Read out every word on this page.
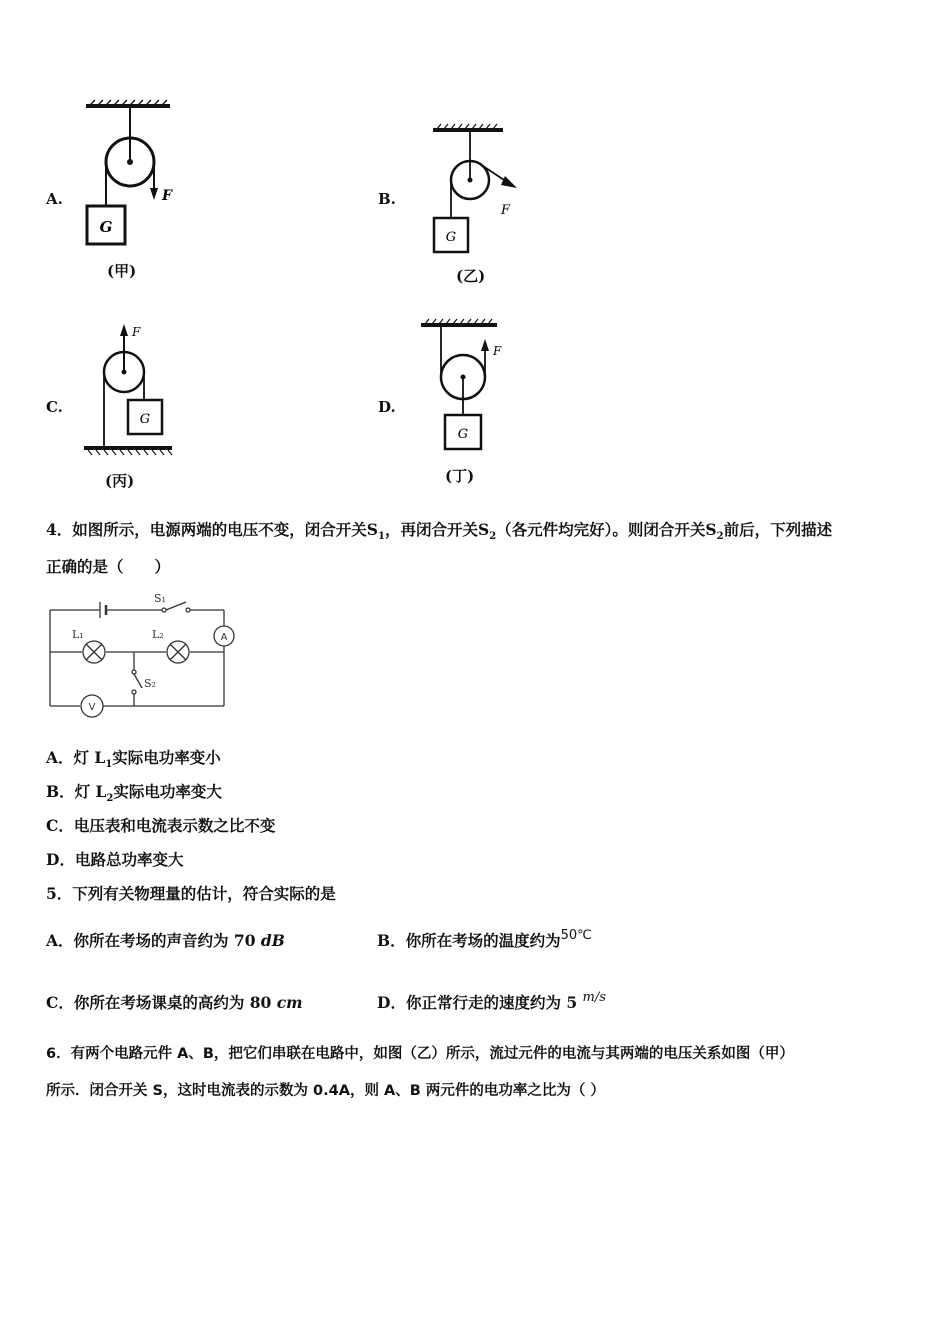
A.
G
F
(甲)
B.
G
F
(乙)
C.
G
F
(丙)
D.
G
F
(丁)
4．如图所示，电源两端的电压不变，闭合开关$S_1$，再闭合开关$S_2$（各元件均完好）。则闭合开关$S_2$前后，下列描述
正确的是（　　）
S₁
S₂
L₁	L₂	A
V
A．灯 $L_1$实际电功率变小
B．灯 $L_2$实际电功率变大
C．电压表和电流表示数之比不变
D．电路总功率变大
5．下列有关物理量的估计，符合实际的是
A．你所在考场的声音约为 70 dB	B．你所在考场的温度约为$^{50℃}$
C．你所在考场课桌的高约为 80 cm	D．你正常行走的速度约为 5 $^{m/s}$
6．有两个电路元件 A、B，把它们串联在电路中，如图（乙）所示，流过元件的电流与其两端的电压关系如图（甲）
所示．闭合开关 S，这时电流表的示数为 0.4A，则 A、B 两元件的电功率之比为（ ）
